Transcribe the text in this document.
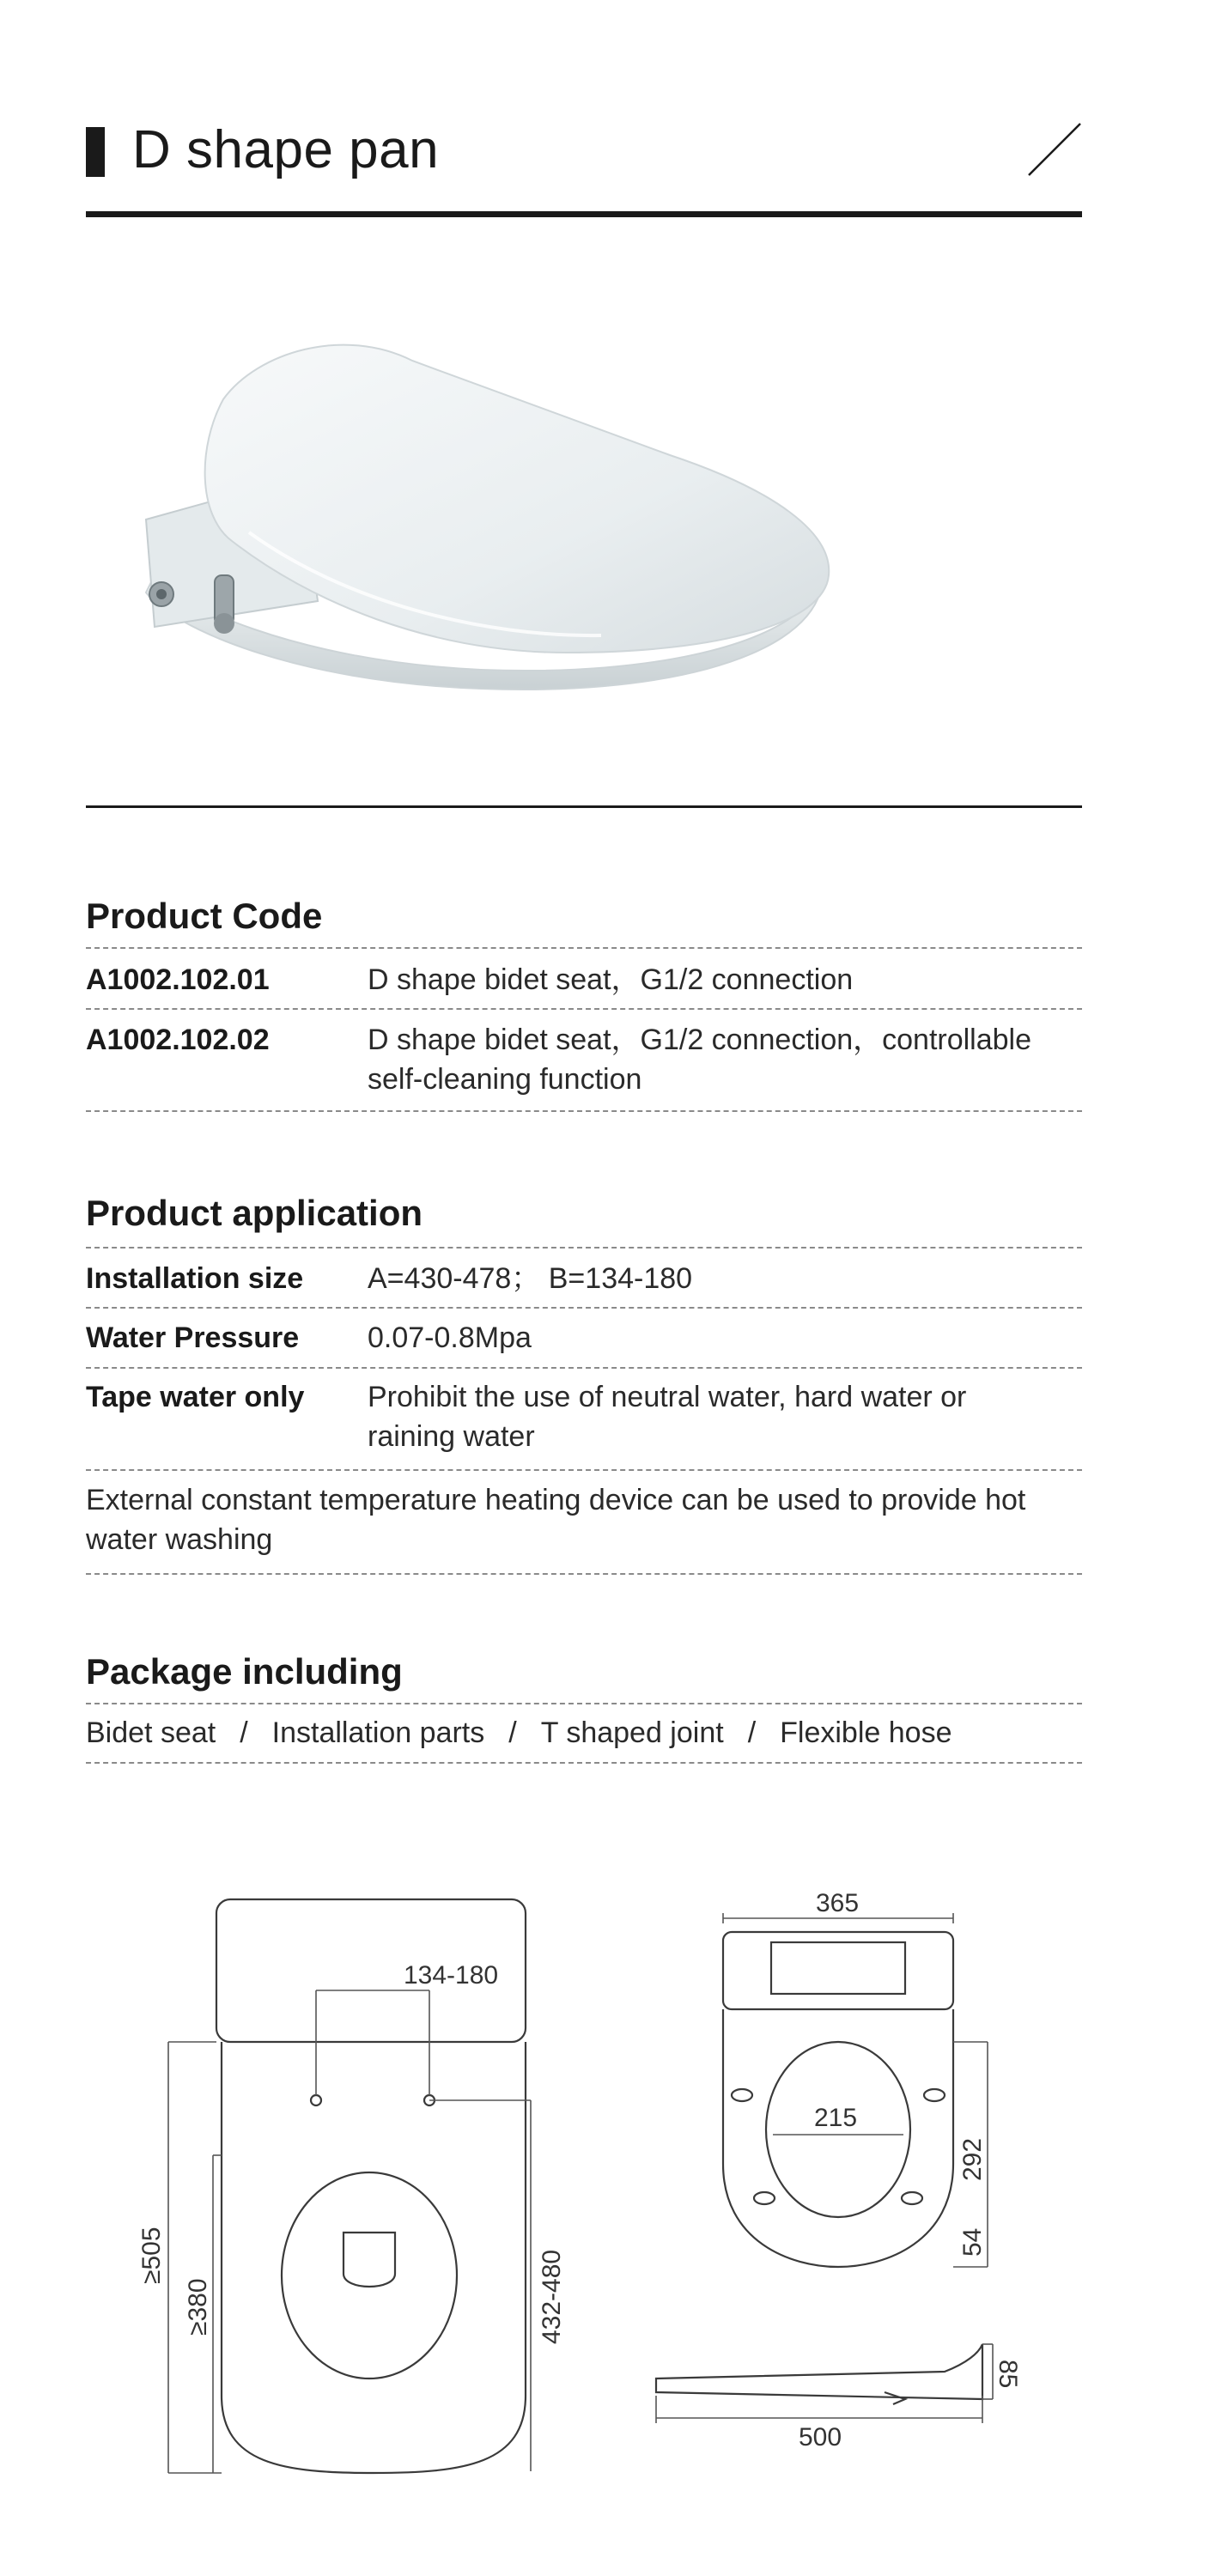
D shape pan
Product Code
A1002.102.01	D shape bidet seat，G1/2 connection
A1002.102.02	D shape bidet seat，G1/2 connection，controllable self-cleaning function
Product application
Installation size A=430-478； B=134-180
Water Pressure 0.07-0.8Mpa
Tape water only Prohibit the use of neutral water, hard water or raining water
External constant temperature heating device can be used to provide hot water washing
Package including
Bidet seat / Installation parts / T shaped joint / Flexible hose
134-180
≥505
≥380	432-480
365
215
292
54
500
85
